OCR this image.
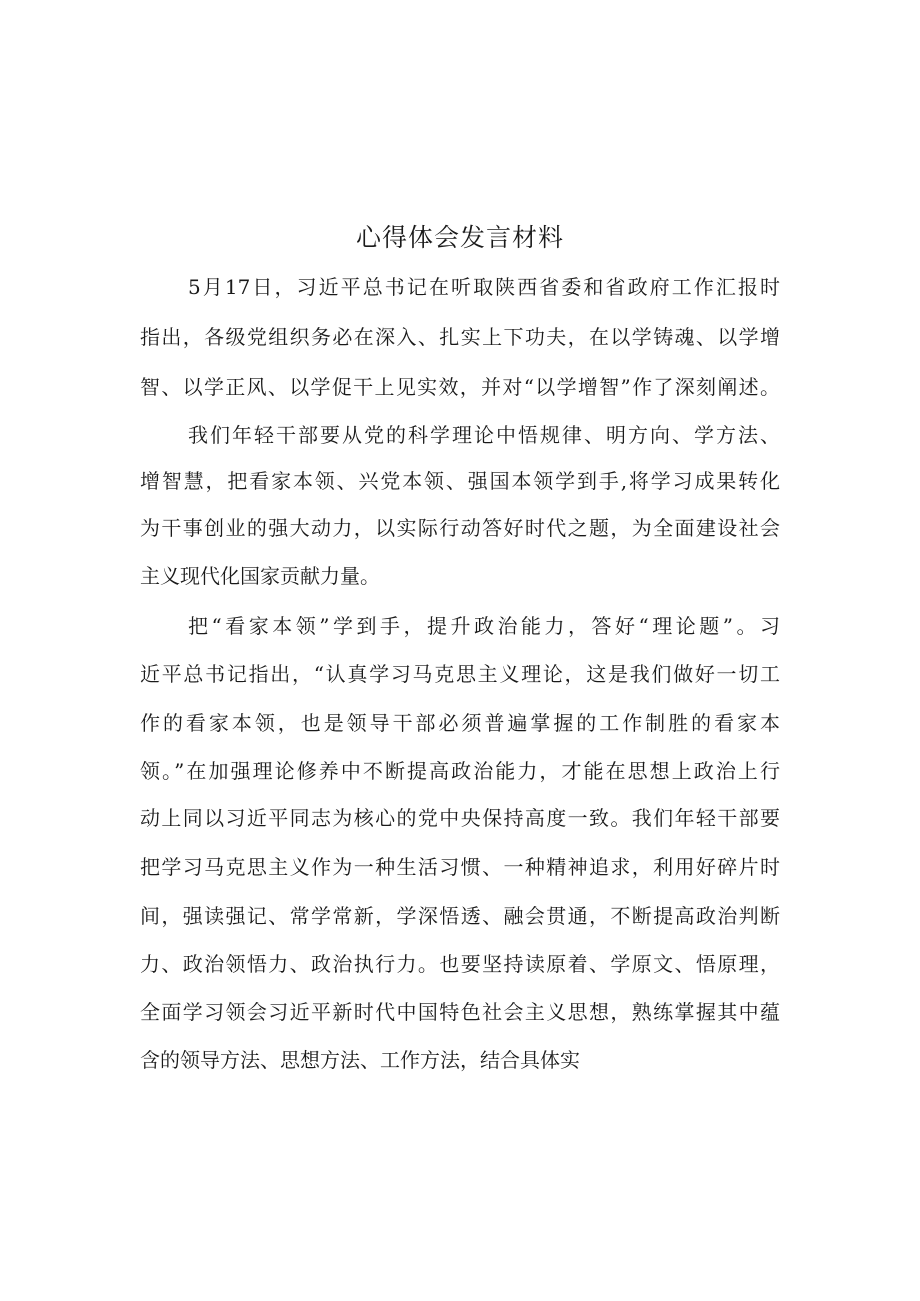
心得体会发言材料

5月17日，习近平总书记在听取陕西省委和省政府工作汇报时

指出，各级党组织务必在深入、扎实上下功夫，在以学铸魂、以学增

智、以学正风、以学促干上见实效，并对“以学增智”作了深刻阐述。

我们年轻干部要从党的科学理论中悟规律、明方向、学方法、

增智慧，把看家本领、兴党本领、强国本领学到手,将学习成果转化

为干事创业的强大动力，以实际行动答好时代之题，为全面建设社会

主义现代化国家贡献力量。

把“看家本领”学到手，提升政治能力，答好“理论题”。习

近平总书记指出，“认真学习马克思主义理论，这是我们做好一切工

作的看家本领，也是领导干部必须普遍掌握的工作制胜的看家本

领。”在加强理论修养中不断提高政治能力，才能在思想上政治上行

动上同以习近平同志为核心的党中央保持高度一致。我们年轻干部要

把学习马克思主义作为一种生活习惯、一种精神追求，利用好碎片时

间，强读强记、常学常新，学深悟透、融会贯通，不断提高政治判断

力、政治领悟力、政治执行力。也要坚持读原着、学原文、悟原理，

全面学习领会习近平新时代中国特色社会主义思想，熟练掌握其中蕴

含的领导方法、思想方法、工作方法，结合具体实
